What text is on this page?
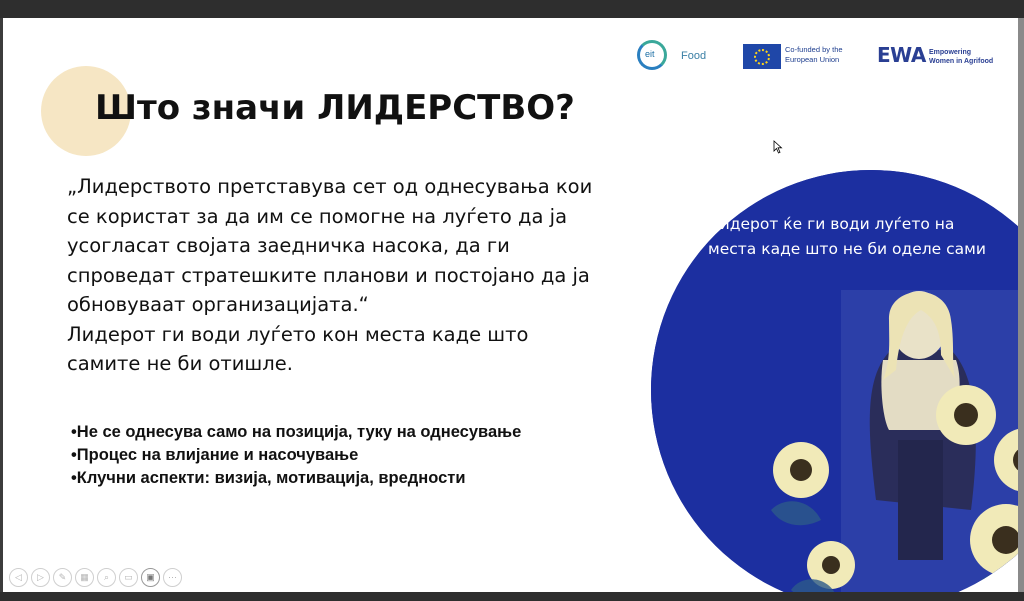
Што значи ЛИДЕРСТВО?

„Лидерството претставува сет од однесувања кои

се користат за да им се помогне на луѓето да ја

усогласат својата заедничка насока, да ги

спроведат стратешките планови и постојано да ја

обновуваат организацијата.“

Лидерот ги води луѓето кон места каде што

самите не би отишле.

•Не се однесува само на позиција, туку на однесување
•Процес на влијание и насочување
•Клучни аспекти: визија, мотивација, вредности
eit Food
Co-funded by the
European Union EWA Empowering
Women in Agrifood
Лидерот ќе ги води луѓето на
места каде што не би оделе сами
◁	▷	✎	▦	⌕	▭	▣	⋯
